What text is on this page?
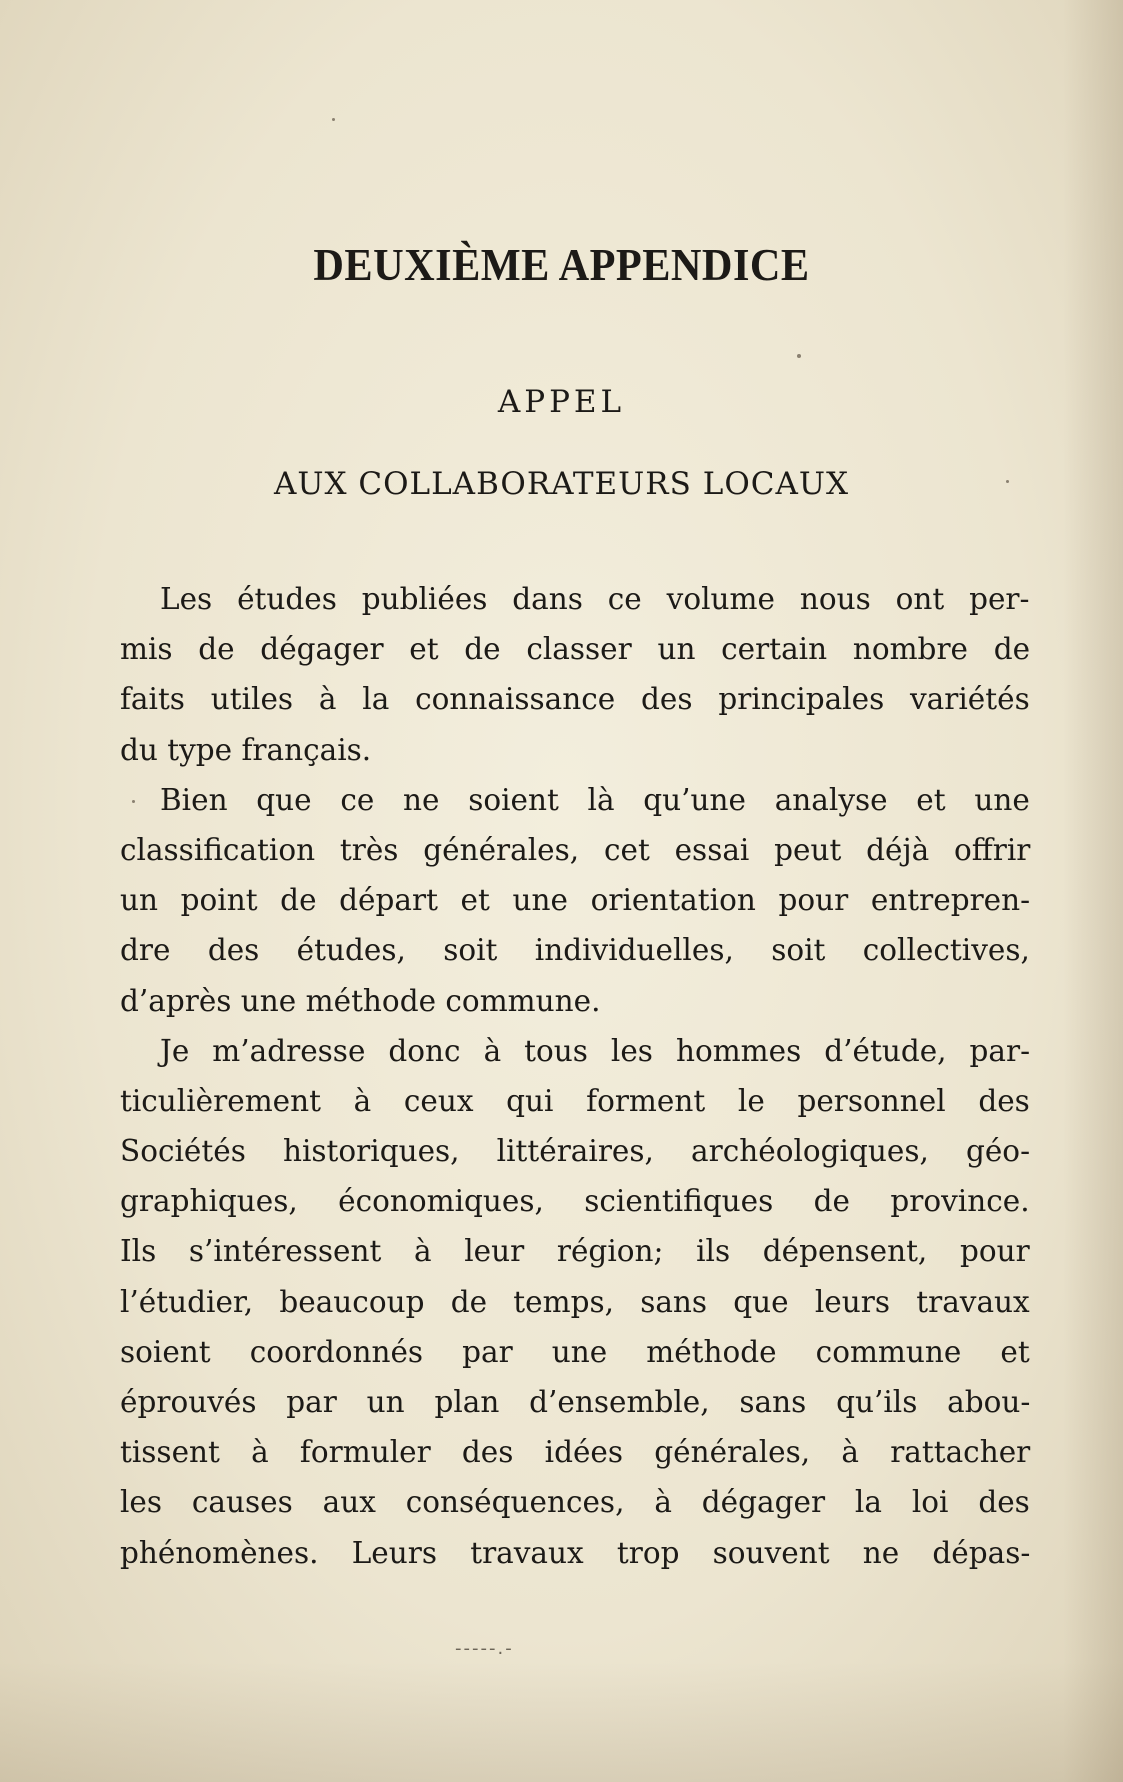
DEUXIÈME APPENDICE
APPEL
AUX COLLABORATEURS LOCAUX
Les études publiées dans ce volume nous ont per-
mis de dégager et de classer un certain nombre de
faits utiles à la connaissance des principales variétés
du type français.
Bien que ce ne soient là qu’une analyse et une
classification très générales, cet essai peut déjà offrir
un point de départ et une orientation pour entrepren-
dre des études, soit individuelles, soit collectives,
d’après une méthode commune.
Je m’adresse donc à tous les hommes d’étude, par-
ticulièrement à ceux qui forment le personnel des
Sociétés historiques, littéraires, archéologiques, géo-
graphiques, économiques, scientifiques de province.
Ils s’intéressent à leur région; ils dépensent, pour
l’étudier, beaucoup de temps, sans que leurs travaux
soient coordonnés par une méthode commune et
éprouvés par un plan d’ensemble, sans qu’ils abou-
tissent à formuler des idées générales, à rattacher
les causes aux conséquences, à dégager la loi des
phénomènes. Leurs travaux trop souvent ne dépas-
-----.-
